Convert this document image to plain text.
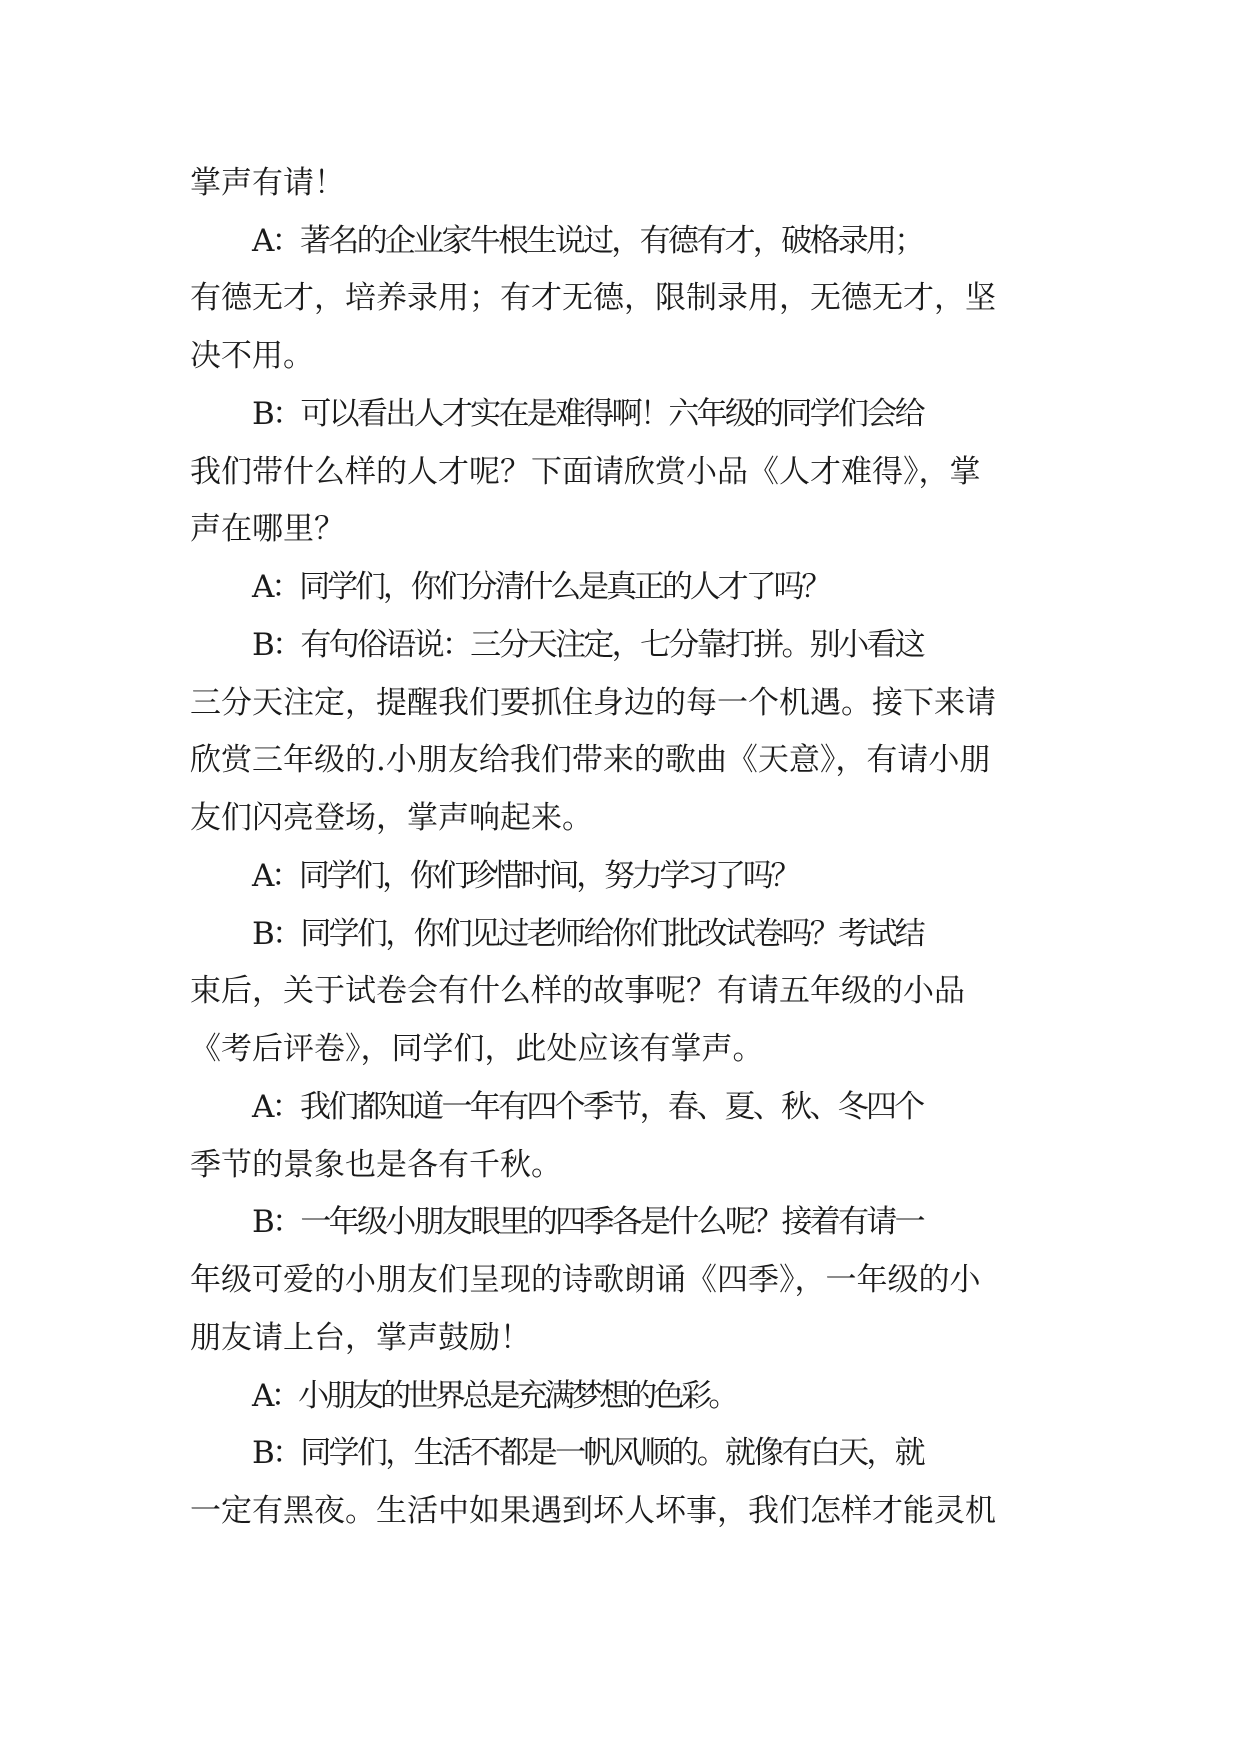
掌声有请！
A：著名的企业家牛根生说过，有德有才，破格录用；
有德无才，培养录用；有才无德，限制录用，无德无才，坚
决不用。
B：可以看出人才实在是难得啊！六年级的同学们会给
我们带什么样的人才呢？下面请欣赏小品《人才难得》，掌
声在哪里？
A：同学们，你们分清什么是真正的人才了吗？
B：有句俗语说：三分天注定，七分靠打拼。别小看这
三分天注定，提醒我们要抓住身边的每一个机遇。接下来请
欣赏三年级的.小朋友给我们带来的歌曲《天意》，有请小朋
友们闪亮登场，掌声响起来。
A：同学们，你们珍惜时间，努力学习了吗？
B：同学们，你们见过老师给你们批改试卷吗？考试结
束后，关于试卷会有什么样的故事呢？有请五年级的小品
《考后评卷》，同学们，此处应该有掌声。
A：我们都知道一年有四个季节，春、夏、秋、冬四个
季节的景象也是各有千秋。
B：一年级小朋友眼里的四季各是什么呢？接着有请一
年级可爱的小朋友们呈现的诗歌朗诵《四季》，一年级的小
朋友请上台，掌声鼓励！
A：小朋友的世界总是充满梦想的色彩。
B：同学们，生活不都是一帆风顺的。就像有白天，就
一定有黑夜。生活中如果遇到坏人坏事，我们怎样才能灵机
